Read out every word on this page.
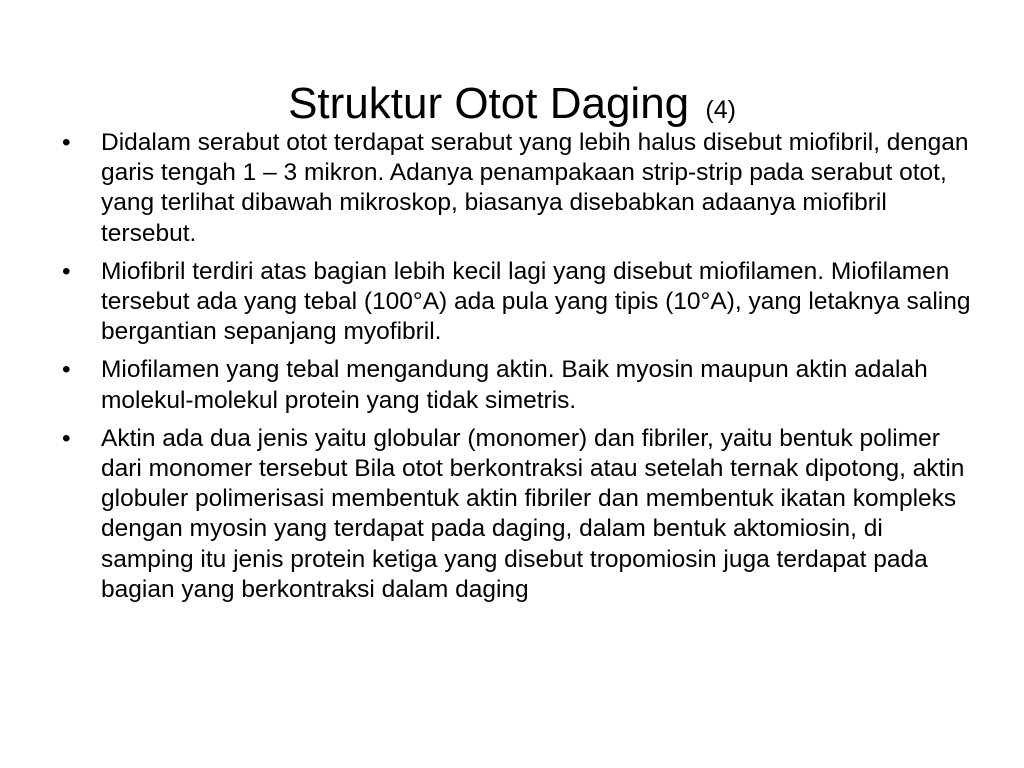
Struktur Otot Daging (4)
•	Didalam serabut otot terdapat serabut yang lebih halus disebut miofibril, dengan garis tengah 1 – 3 mikron. Adanya penampakaan strip-strip pada serabut otot, yang terlihat dibawah mikroskop, biasanya disebabkan adaanya miofibril tersebut.
•	Miofibril terdiri atas bagian lebih kecil lagi yang disebut miofilamen. Miofilamen tersebut ada yang tebal (100°A) ada pula yang tipis (10°A), yang letaknya saling bergantian sepanjang myofibril.
•	Miofilamen yang tebal mengandung aktin. Baik myosin maupun aktin adalah molekul-molekul protein yang tidak simetris.
•	Aktin ada dua jenis yaitu globular (monomer) dan fibriler, yaitu bentuk polimer dari monomer tersebut Bila otot berkontraksi atau setelah ternak dipotong, aktin globuler polimerisasi membentuk aktin fibriler dan membentuk ikatan kompleks dengan myosin yang terdapat pada daging, dalam bentuk aktomiosin, di samping itu jenis protein ketiga yang disebut tropomiosin juga terdapat pada bagian yang berkontraksi dalam daging
